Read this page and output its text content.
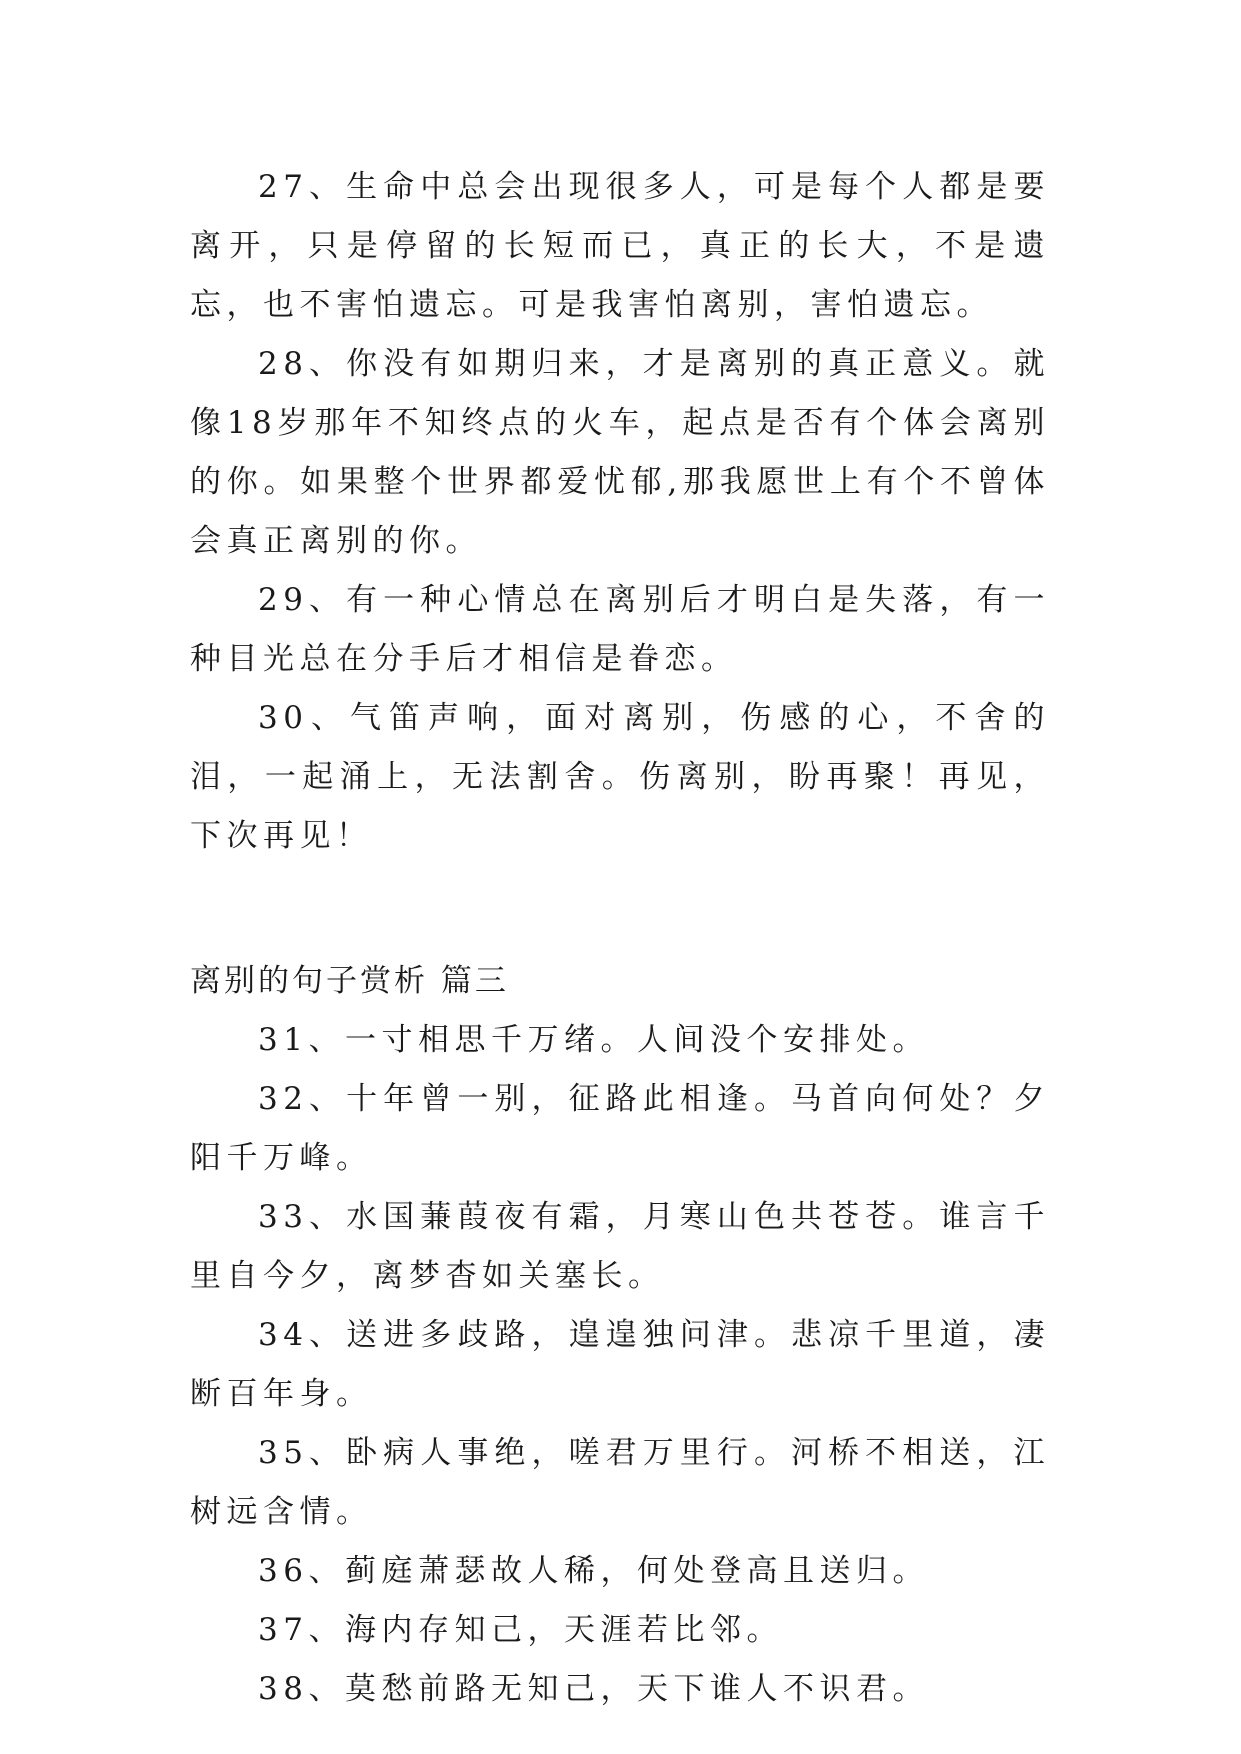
27、生命中总会出现很多人，可是每个人都是要离开，只是停留的长短而已，真正的长大，不是遗忘，也不害怕遗忘。可是我害怕离别，害怕遗忘。

28、你没有如期归来，才是离别的真正意义。就像18岁那年不知终点的火车，起点是否有个体会离别的你。如果整个世界都爱忧郁,那我愿世上有个不曾体会真正离别的你。

29、有一种心情总在离别后才明白是失落，有一种目光总在分手后才相信是眷恋。

30、气笛声响，面对离别，伤感的心，不舍的泪，一起涌上，无法割舍。伤离别，盼再聚！再见，下次再见！

离别的句子赏析 篇三

31、一寸相思千万绪。人间没个安排处。

32、十年曾一别，征路此相逢。马首向何处？夕阳千万峰。

33、水国蒹葭夜有霜，月寒山色共苍苍。谁言千里自今夕，离梦杳如关塞长。

34、送进多歧路，遑遑独问津。悲凉千里道，凄断百年身。

35、卧病人事绝，嗟君万里行。河桥不相送，江树远含情。

36、蓟庭萧瑟故人稀，何处登高且送归。

37、海内存知己，天涯若比邻。

38、莫愁前路无知己，天下谁人不识君。
